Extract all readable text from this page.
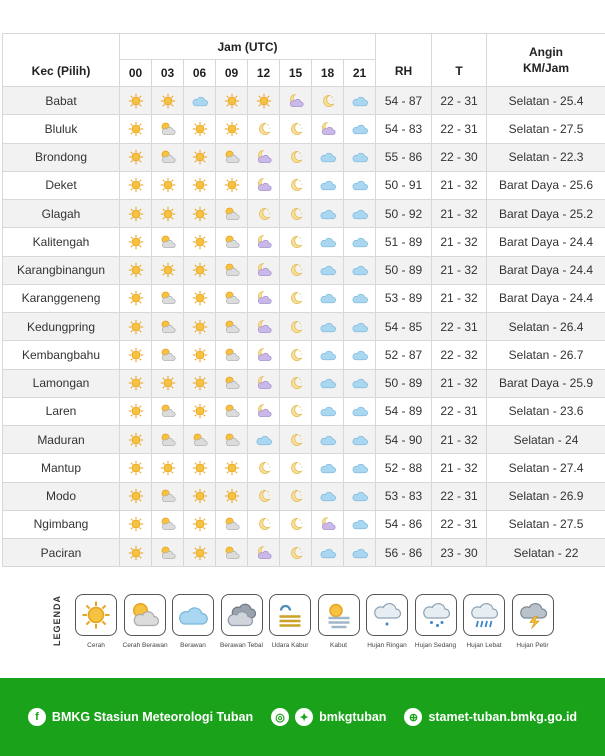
Kec (Pilih)	Jam (UTC)								RH	T	Angin
KM/Jam
	00	03	06	09	12	15	18	21			
Babat									54 - 87	22 - 31	Selatan - 25.4
Bluluk									54 - 83	22 - 31	Selatan - 27.5
Brondong									55 - 86	22 - 30	Selatan - 22.3
Deket									50 - 91	21 - 32	Barat Daya - 25.6
Glagah									50 - 92	21 - 32	Barat Daya - 25.2
Kalitengah									51 - 89	21 - 32	Barat Daya - 24.4
Karangbinangun									50 - 89	21 - 32	Barat Daya - 24.4
Karanggeneng									53 - 89	21 - 32	Barat Daya - 24.4
Kedungpring									54 - 85	22 - 31	Selatan - 26.4
Kembangbahu									52 - 87	22 - 32	Selatan - 26.7
Lamongan									50 - 89	21 - 32	Barat Daya - 25.9
Laren									54 - 89	22 - 31	Selatan - 23.6
Maduran									54 - 90	21 - 32	Selatan - 24
Mantup									52 - 88	21 - 32	Selatan - 27.4
Modo									53 - 83	22 - 31	Selatan - 26.9
Ngimbang									54 - 86	22 - 31	Selatan - 27.5
Paciran									56 - 86	23 - 30	Selatan - 22
LEGENDA	Cerah	Cerah Berawan	Berawan	Berawan Tebal	Udara Kabur	Kabut	Hujan Ringan	Hujan Sedang	Hujan Lebat	Hujan Petir
f	BMKG Stasiun Meteorologi Tuban	◎	✦ bmkgtuban	⊕ stamet-tuban.bmkg.go.id
